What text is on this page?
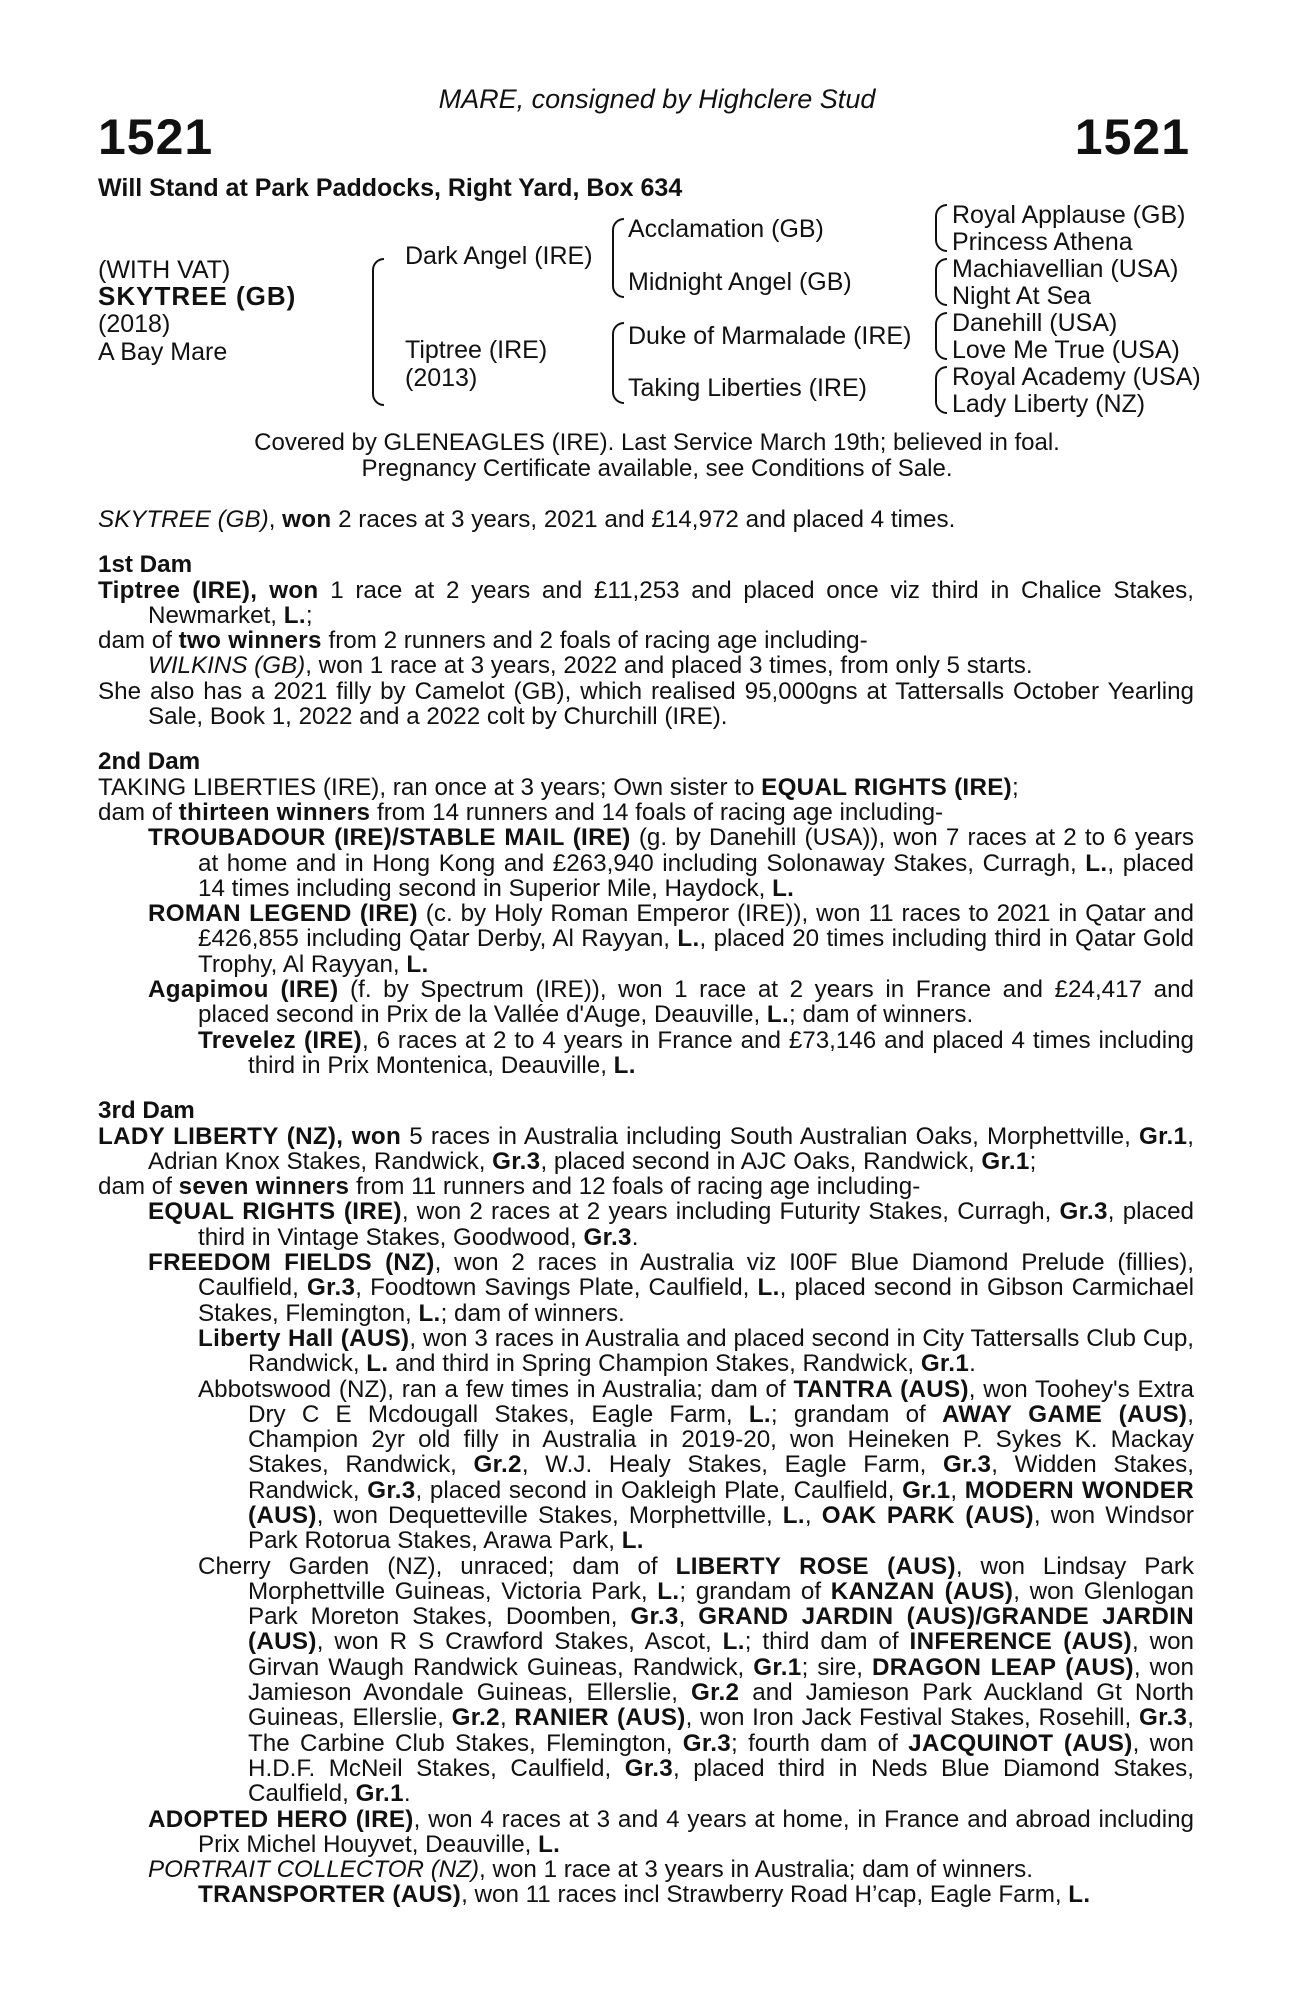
MARE, consigned by Highclere Stud
1521	1521
Will Stand at Park Paddocks, Right Yard, Box 634
(WITH VAT)
SKYTREE (GB)
(2018)
A Bay Mare
Dark Angel (IRE)
Tiptree (IRE)
(2013)
Acclamation (GB)
Midnight Angel (GB)
Duke of Marmalade (IRE)
Taking Liberties (IRE)
Royal Applause (GB)
Princess Athena
Machiavellian (USA)
Night At Sea
Danehill (USA)
Love Me True (USA)
Royal Academy (USA)
Lady Liberty (NZ)
Covered by GLENEAGLES (IRE). Last Service March 19th; believed in foal.
Pregnancy Certificate available, see Conditions of Sale.

SKYTREE (GB), won 2 races at 3 years, 2021 and £14,972 and placed 4 times.

1st Dam

Tiptree (IRE), won 1 race at 2 years and £11,253 and placed once viz third in Chalice Stakes, Newmarket, L.;

dam of two winners from 2 runners and 2 foals of racing age including-

WILKINS (GB), won 1 race at 3 years, 2022 and placed 3 times, from only 5 starts.

She also has a 2021 filly by Camelot (GB), which realised 95,000gns at Tattersalls October Yearling Sale, Book 1, 2022 and a 2022 colt by Churchill (IRE).

2nd Dam

TAKING LIBERTIES (IRE), ran once at 3 years; Own sister to EQUAL RIGHTS (IRE);

dam of thirteen winners from 14 runners and 14 foals of racing age including-

TROUBADOUR (IRE)/STABLE MAIL (IRE) (g. by Danehill (USA)), won 7 races at 2 to 6 years at home and in Hong Kong and £263,940 including Solonaway Stakes, Curragh, L., placed 14 times including second in Superior Mile, Haydock, L.

ROMAN LEGEND (IRE) (c. by Holy Roman Emperor (IRE)), won 11 races to 2021 in Qatar and £426,855 including Qatar Derby, Al Rayyan, L., placed 20 times including third in Qatar Gold Trophy, Al Rayyan, L.

Agapimou (IRE) (f. by Spectrum (IRE)), won 1 race at 2 years in France and £24,417 and placed second in Prix de la Vallée d'Auge, Deauville, L.; dam of winners.

Trevelez (IRE), 6 races at 2 to 4 years in France and £73,146 and placed 4 times including third in Prix Montenica, Deauville, L.

3rd Dam

LADY LIBERTY (NZ), won 5 races in Australia including South Australian Oaks, Morphettville, Gr.1, Adrian Knox Stakes, Randwick, Gr.3, placed second in AJC Oaks, Randwick, Gr.1;

dam of seven winners from 11 runners and 12 foals of racing age including-

EQUAL RIGHTS (IRE), won 2 races at 2 years including Futurity Stakes, Curragh, Gr.3, placed third in Vintage Stakes, Goodwood, Gr.3.

FREEDOM FIELDS (NZ), won 2 races in Australia viz I00F Blue Diamond Prelude (fillies), Caulfield, Gr.3, Foodtown Savings Plate, Caulfield, L., placed second in Gibson Carmichael Stakes, Flemington, L.; dam of winners.

Liberty Hall (AUS), won 3 races in Australia and placed second in City Tattersalls Club Cup, Randwick, L. and third in Spring Champion Stakes, Randwick, Gr.1.

Abbotswood (NZ), ran a few times in Australia; dam of TANTRA (AUS), won Toohey's Extra Dry C E Mcdougall Stakes, Eagle Farm, L.; grandam of AWAY GAME (AUS), Champion 2yr old filly in Australia in 2019-20, won Heineken P. Sykes K. Mackay Stakes, Randwick, Gr.2, W.J. Healy Stakes, Eagle Farm, Gr.3, Widden Stakes, Randwick, Gr.3, placed second in Oakleigh Plate, Caulfield, Gr.1, MODERN WONDER (AUS), won Dequetteville Stakes, Morphettville, L., OAK PARK (AUS), won Windsor Park Rotorua Stakes, Arawa Park, L.

Cherry Garden (NZ), unraced; dam of LIBERTY ROSE (AUS), won Lindsay Park Morphettville Guineas, Victoria Park, L.; grandam of KANZAN (AUS), won Glenlogan Park Moreton Stakes, Doomben, Gr.3, GRAND JARDIN (AUS)/GRANDE JARDIN (AUS), won R S Crawford Stakes, Ascot, L.; third dam of INFERENCE (AUS), won Girvan Waugh Randwick Guineas, Randwick, Gr.1; sire, DRAGON LEAP (AUS), won Jamieson Avondale Guineas, Ellerslie, Gr.2 and Jamieson Park Auckland Gt North Guineas, Ellerslie, Gr.2, RANIER (AUS), won Iron Jack Festival Stakes, Rosehill, Gr.3, The Carbine Club Stakes, Flemington, Gr.3; fourth dam of JACQUINOT (AUS), won H.D.F. McNeil Stakes, Caulfield, Gr.3, placed third in Neds Blue Diamond Stakes, Caulfield, Gr.1.

ADOPTED HERO (IRE), won 4 races at 3 and 4 years at home, in France and abroad including Prix Michel Houyvet, Deauville, L.

PORTRAIT COLLECTOR (NZ), won 1 race at 3 years in Australia; dam of winners.

TRANSPORTER (AUS), won 11 races incl Strawberry Road H’cap, Eagle Farm, L.
